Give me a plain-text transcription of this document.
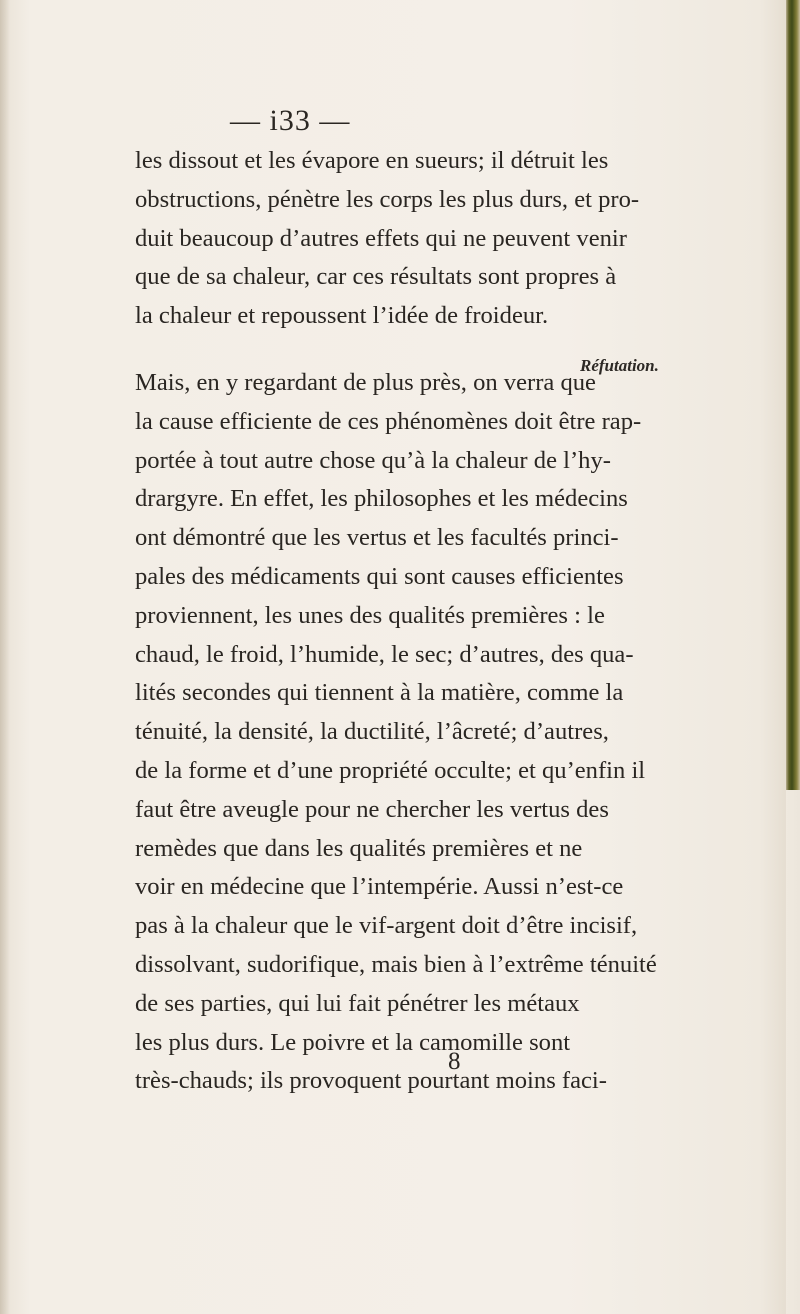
— i33 —

les dissout et les évapore en sueurs; il détruit les
obstructions, pénètre les corps les plus durs, et pro-
duit beaucoup d’autres effets qui ne peuvent venir
que de sa chaleur, car ces résultats sont propres à
la chaleur et repoussent l’idée de froideur.

Mais, en y regardant de plus près, on verra que
la cause efficiente de ces phénomènes doit être rap-
portée à tout autre chose qu’à la chaleur de l’hy-
drargyre. En effet, les philosophes et les médecins
ont démontré que les vertus et les facultés princi-
pales des médicaments qui sont causes efficientes
proviennent, les unes des qualités premières : le
chaud, le froid, l’humide, le sec; d’autres, des qua-
lités secondes qui tiennent à la matière, comme la
ténuité, la densité, la ductilité, l’âcreté; d’autres,
de la forme et d’une propriété occulte; et qu’enfin il
faut être aveugle pour ne chercher les vertus des
remèdes que dans les qualités premières et ne
voir en médecine que l’intempérie. Aussi n’est-ce
pas à la chaleur que le vif-argent doit d’être incisif,
dissolvant, sudorifique, mais bien à l’extrême ténuité
de ses parties, qui lui fait pénétrer les métaux
les plus durs. Le poivre et la camomille sont
très-chauds; ils provoquent pourtant moins faci-

Réfutation.
8
